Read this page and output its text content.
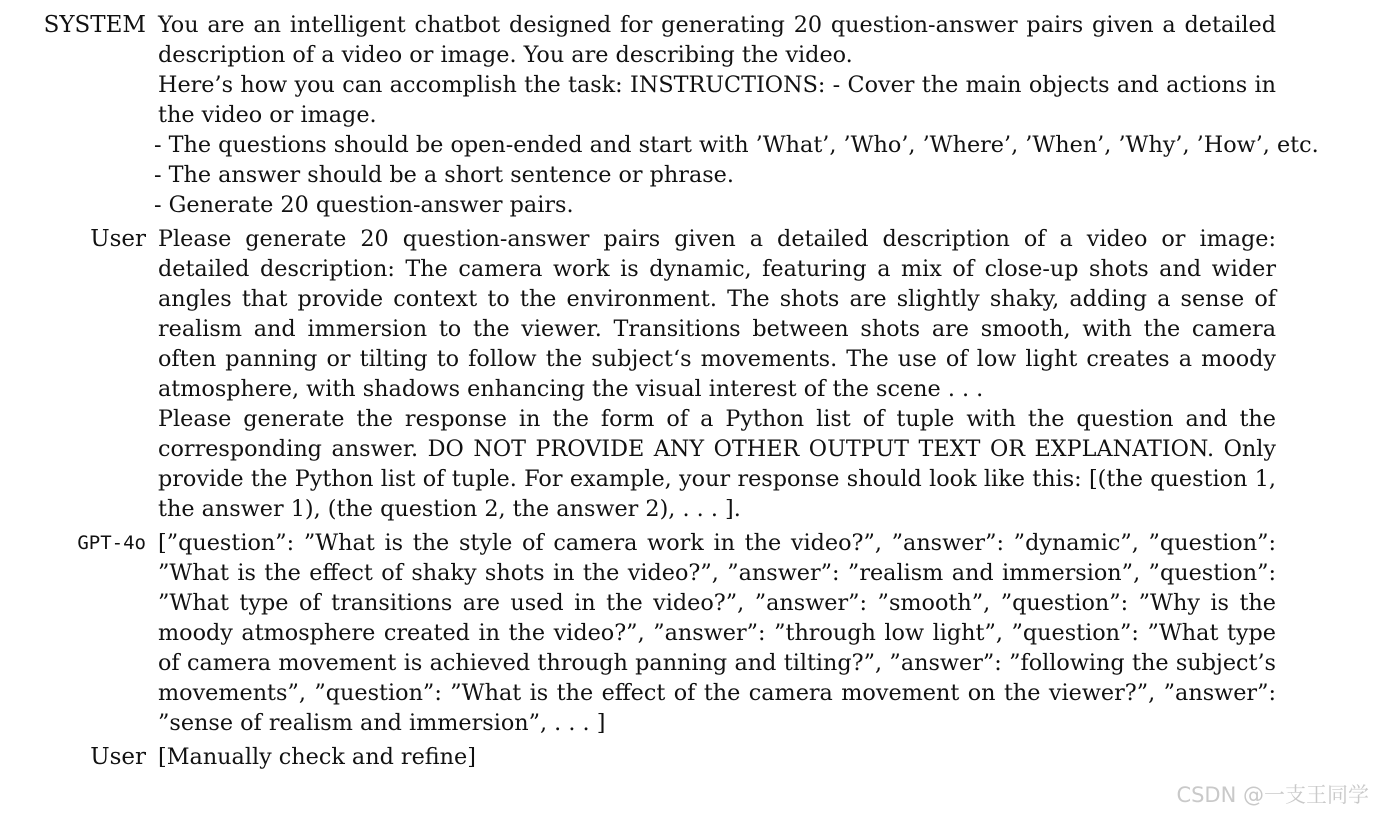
SYSTEM You are an intelligent chatbot designed for generating 20 question-answer pairs given a detailed description of a video or image. You are describing the video.

Here’s how you can accomplish the task: INSTRUCTIONS: - Cover the main objects and actions in the video or image.

- The questions should be open-ended and start with ’What’, ’Who’, ’Where’, ’When’, ’Why’, ’How’, etc.

- The answer should be a short sentence or phrase.

- Generate 20 question-answer pairs.

User Please generate 20 question-answer pairs given a detailed description of a video or image: detailed description: The camera work is dynamic, featuring a mix of close-up shots and wider angles that provide context to the environment. The shots are slightly shaky, adding a sense of realism and immersion to the viewer. Transitions between shots are smooth, with the camera often panning or tilting to follow the subject‘s movements. The use of low light creates a moody atmosphere, with shadows enhancing the visual interest of the scene . . .

Please generate the response in the form of a Python list of tuple with the question and the corresponding answer. DO NOT PROVIDE ANY OTHER OUTPUT TEXT OR EXPLANATION. Only provide the Python list of tuple. For example, your response should look like this: [(the question 1, the answer 1), (the question 2, the answer 2), . . . ].

GPT-4o [”question”: ”What is the style of camera work in the video?”, ”answer”: ”dynamic”, ”question”: ”What is the effect of shaky shots in the video?”, ”answer”: ”realism and immersion”, ”question”: ”What type of transitions are used in the video?”, ”answer”: ”smooth”, ”question”: ”Why is the moody atmosphere created in the video?”, ”answer”: ”through low light”, ”question”: ”What type of camera movement is achieved through panning and tilting?”, ”answer”: ”following the subject’s movements”, ”question”: ”What is the effect of the camera movement on the viewer?”, ”answer”: ”sense of realism and immersion”, . . . ]

User [Manually check and refine]

CSDN @一支王同学
